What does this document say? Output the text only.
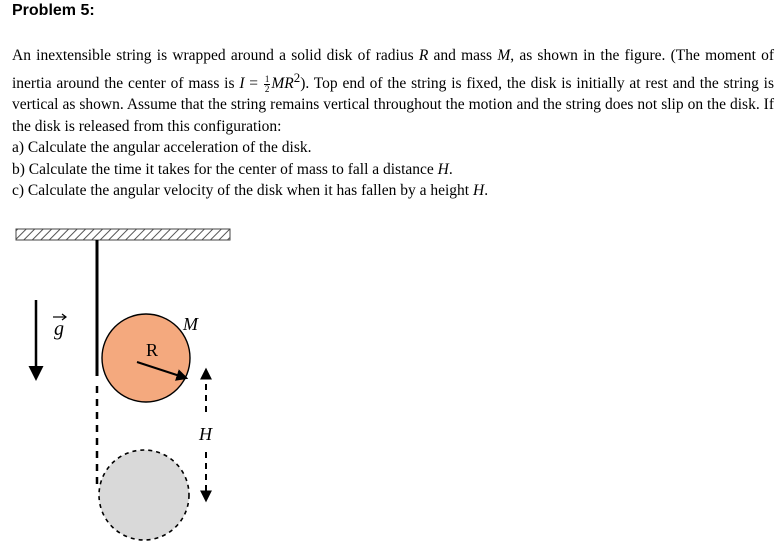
Problem 5:

An inextensible string is wrapped around a solid disk of radius R and mass M, as shown in the figure. (The moment of inertia around the center of mass is $I = \frac{1}{2} MR^2$). Top end of the string is fixed, the disk is initially at rest and the string is vertical as shown. Assume that the string remains vertical throughout the motion and the string does not slip on the disk. If the disk is released from this configuration:

a) Calculate the angular acceleration of the disk.

b) Calculate the time it takes for the center of mass to fall a distance H.

c) Calculate the angular velocity of the disk when it has fallen by a height H.

g
R
M
H
